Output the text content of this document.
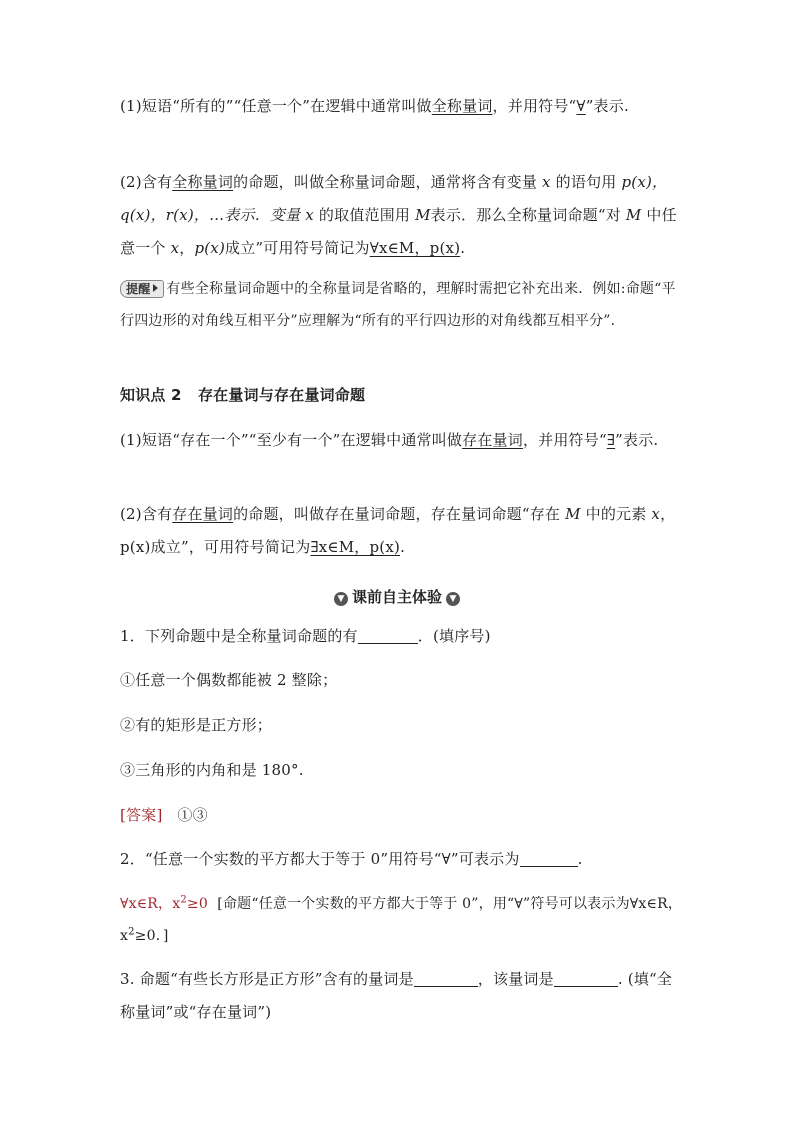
(1)短语“所有的”“任意一个”在逻辑中通常叫做全称量词，并用符号“∀”表示.
(2)含有全称量词的命题，叫做全称量词命题，通常将含有变量 x 的语句用 p(x)，q(x)，r(x)，…表示．变量 x 的取值范围用 M表示．那么全称量词命题“对 M 中任意一个 x，p(x)成立”可用符号简记为∀x∈M，p(x).
提醒 有些全称量词命题中的全称量词是省略的，理解时需把它补充出来．例如:命题“平行四边形的对角线互相平分”应理解为“所有的平行四边形的对角线都互相平分”.
知识点 2 存在量词与存在量词命题
(1)短语“存在一个”“至少有一个”在逻辑中通常叫做存在量词，并用符号“∃”表示.
(2)含有存在量词的命题，叫做存在量词命题，存在量词命题“存在 M 中的元素 x，p(x)成立”，可用符号简记为∃x∈M，p(x).
▼ 课前自主体验 ▼
1．下列命题中是全称量词命题的有	．(填序号)
①任意一个偶数都能被 2 整除；
②有的矩形是正方形；
③三角形的内角和是 180°.
[答案] ①③
2．“任意一个实数的平方都大于等于 0”用符号“∀”可表示为	.
∀x∈R，$x^2\ge 0$ [命题“任意一个实数的平方都大于等于 0”，用“∀”符号可以表示为∀x∈R，$x^2\ge 0$．]
3. 命题“有些长方形是正方形”含有的量词是	，该量词是	. (填“全称量词”或“存在量词”)
